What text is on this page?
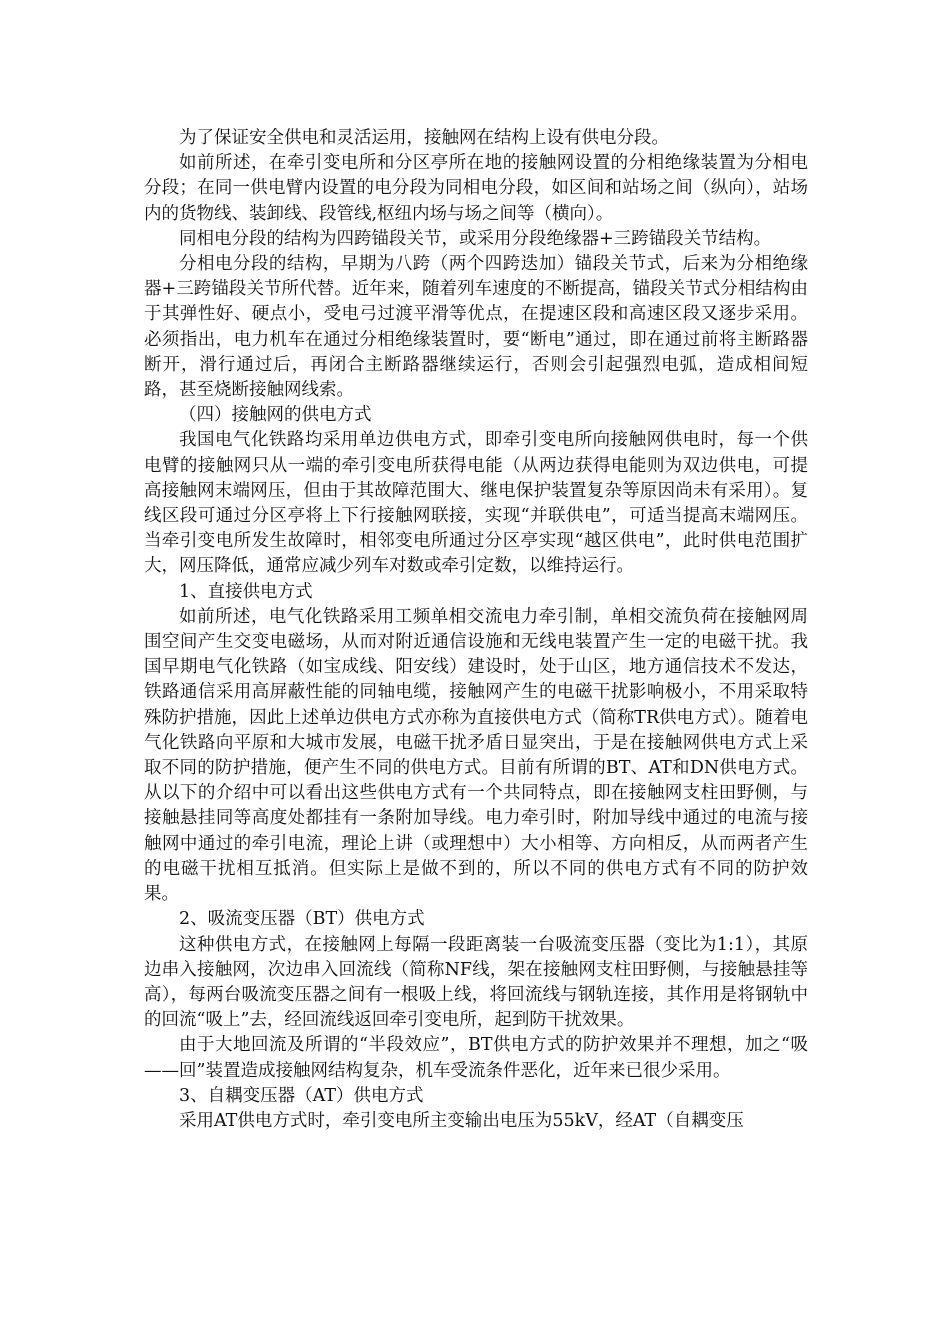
为了保证安全供电和灵活运用，接触网在结构上设有供电分段。

如前所述，在牵引变电所和分区亭所在地的接触网设置的分相绝缘装置为分相电分段；在同一供电臂内设置的电分段为同相电分段，如区间和站场之间（纵向），站场内的货物线、装卸线、段管线,枢纽内场与场之间等（横向）。

同相电分段的结构为四跨锚段关节，或采用分段绝缘器+三跨锚段关节结构。

分相电分段的结构，早期为八跨（两个四跨迭加）锚段关节式，后来为分相绝缘器+三跨锚段关节所代替。近年来，随着列车速度的不断提高，锚段关节式分相结构由于其弹性好、硬点小，受电弓过渡平滑等优点，在提速区段和高速区段又逐步采用。必须指出，电力机车在通过分相绝缘装置时，要“断电”通过，即在通过前将主断路器断开，滑行通过后，再闭合主断路器继续运行，否则会引起强烈电弧，造成相间短路，甚至烧断接触网线索。

（四）接触网的供电方式

我国电气化铁路均采用单边供电方式，即牵引变电所向接触网供电时，每一个供电臂的接触网只从一端的牵引变电所获得电能（从两边获得电能则为双边供电，可提高接触网末端网压，但由于其故障范围大、继电保护装置复杂等原因尚未有采用）。复线区段可通过分区亭将上下行接触网联接，实现“并联供电”，可适当提高末端网压。当牵引变电所发生故障时，相邻变电所通过分区亭实现“越区供电”，此时供电范围扩大，网压降低，通常应减少列车对数或牵引定数，以维持运行。

1、直接供电方式

如前所述，电气化铁路采用工频单相交流电力牵引制，单相交流负荷在接触网周围空间产生交变电磁场，从而对附近通信设施和无线电装置产生一定的电磁干扰。我国早期电气化铁路（如宝成线、阳安线）建设时，处于山区，地方通信技术不发达，铁路通信采用高屏蔽性能的同轴电缆，接触网产生的电磁干扰影响极小，不用采取特殊防护措施，因此上述单边供电方式亦称为直接供电方式（简称TR供电方式）。随着电气化铁路向平原和大城市发展，电磁干扰矛盾日显突出，于是在接触网供电方式上采取不同的防护措施，便产生不同的供电方式。目前有所谓的BT、AT和DN供电方式。从以下的介绍中可以看出这些供电方式有一个共同特点，即在接触网支柱田野侧，与接触悬挂同等高度处都挂有一条附加导线。电力牵引时，附加导线中通过的电流与接触网中通过的牵引电流，理论上讲（或理想中）大小相等、方向相反，从而两者产生的电磁干扰相互抵消。但实际上是做不到的，所以不同的供电方式有不同的防护效果。

2、吸流变压器（BT）供电方式

这种供电方式，在接触网上每隔一段距离装一台吸流变压器（变比为1:1），其原边串入接触网，次边串入回流线（简称NF线，架在接触网支柱田野侧，与接触悬挂等高），每两台吸流变压器之间有一根吸上线，将回流线与钢轨连接，其作用是将钢轨中的回流“吸上”去，经回流线返回牵引变电所，起到防干扰效果。

由于大地回流及所谓的“半段效应”，BT供电方式的防护效果并不理想，加之“吸——回”装置造成接触网结构复杂，机车受流条件恶化，近年来已很少采用。

3、自耦变压器（AT）供电方式

采用AT供电方式时，牵引变电所主变输出电压为55kV，经AT（自耦变压
